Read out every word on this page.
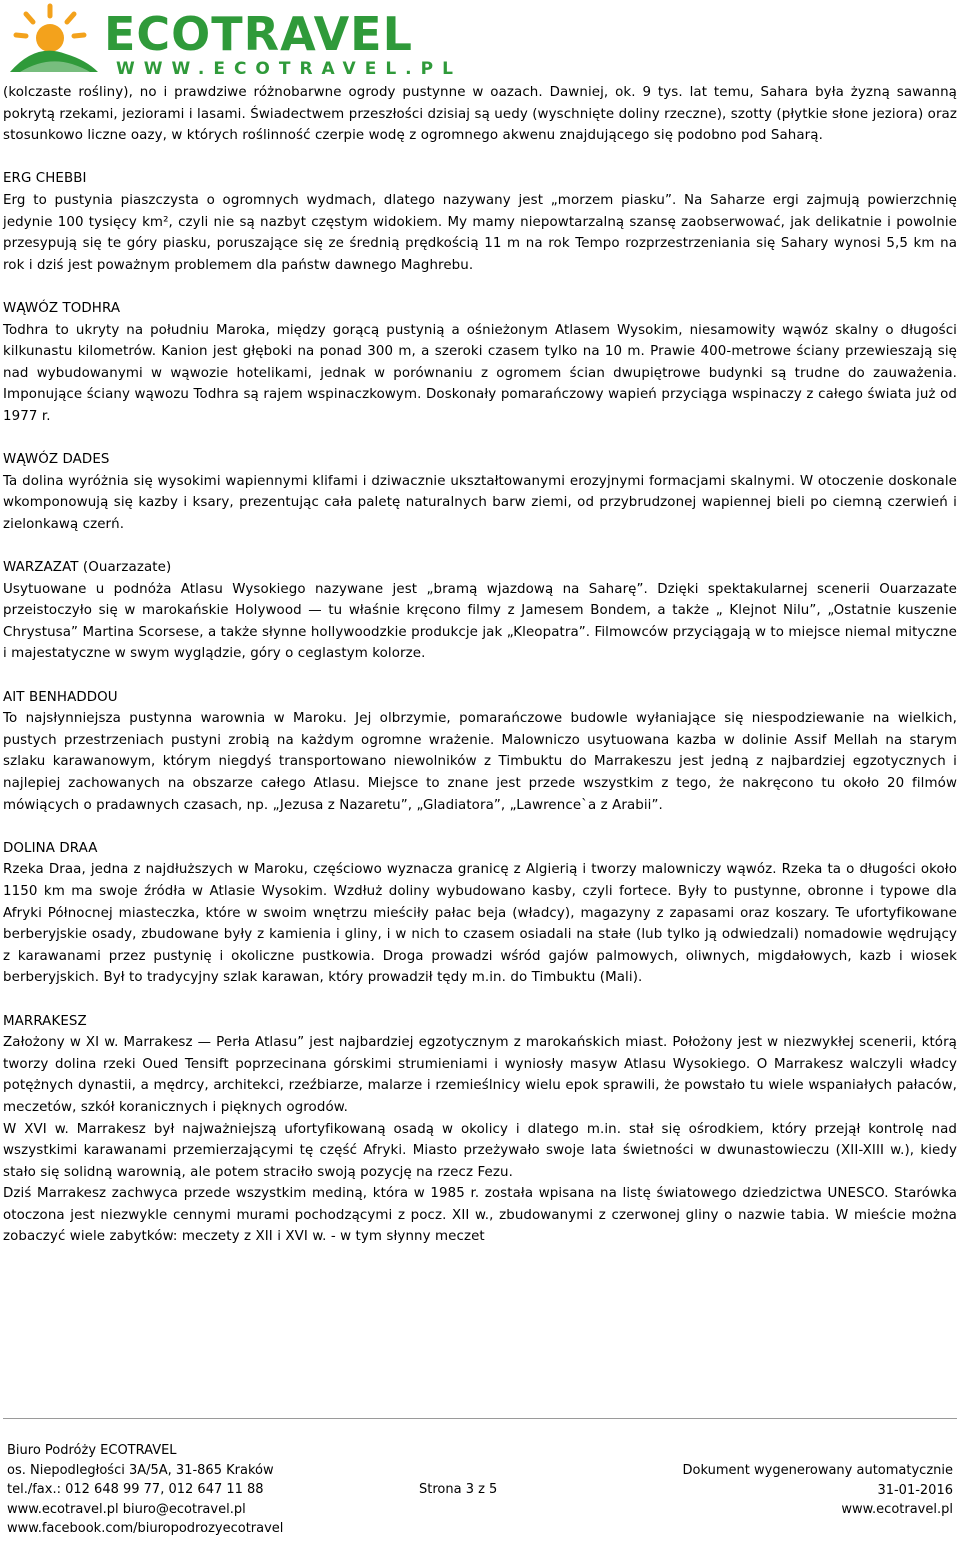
ECOTRAVEL
WWW.ECOTRAVEL.PL

(kolczaste rośliny), no i prawdziwe różnobarwne ogrody pustynne w oazach. Dawniej, ok. 9 tys. lat temu, Sahara była żyzną sawanną pokrytą rzekami, jeziorami i lasami. Świadectwem przeszłości dzisiaj są uedy (wyschnięte doliny rzeczne), szotty (płytkie słone jeziora) oraz stosunkowo liczne oazy, w których roślinność czerpie wodę z ogromnego akwenu znajdującego się podobno pod Saharą.

ERG CHEBBI

Erg to pustynia piaszczysta o ogromnych wydmach, dlatego nazywany jest „morzem piasku”. Na Saharze ergi zajmują powierzchnię jedynie 100 tysięcy km², czyli nie są nazbyt częstym widokiem. My mamy niepowtarzalną szansę zaobserwować, jak delikatnie i powolnie przesypują się te góry piasku, poruszające się ze średnią prędkością 11 m na rok Tempo rozprzestrzeniania się Sahary wynosi 5,5 km na rok i dziś jest poważnym problemem dla państw dawnego Maghrebu.

WĄWÓZ TODHRA

Todhra to ukryty na południu Maroka, między gorącą pustynią a ośnieżonym Atlasem Wysokim, niesamowity wąwóz skalny o długości kilkunastu kilometrów. Kanion jest głęboki na ponad 300 m, a szeroki czasem tylko na 10 m. Prawie 400-metrowe ściany przewieszają się nad wybudowanymi w wąwozie hotelikami, jednak w porównaniu z ogromem ścian dwupiętrowe budynki są trudne do zauważenia. Imponujące ściany wąwozu Todhra są rajem wspinaczkowym. Doskonały pomarańczowy wapień przyciąga wspinaczy z całego świata już od 1977 r.

WĄWÓZ DADES

Ta dolina wyróżnia się wysokimi wapiennymi klifami i dziwacznie ukształtowanymi erozyjnymi formacjami skalnymi. W otoczenie doskonale wkomponowują się kazby i ksary, prezentując cała paletę naturalnych barw ziemi, od przybrudzonej wapiennej bieli po ciemną czerwień i zielonkawą czerń.

WARZAZAT (Ouarzazate)

Usytuowane u podnóża Atlasu Wysokiego nazywane jest „bramą wjazdową na Saharę”. Dzięki spektakularnej scenerii Ouarzazate przeistoczyło się w marokańskie Holywood — tu właśnie kręcono filmy z Jamesem Bondem, a także „ Klejnot Nilu”, „Ostatnie kuszenie Chrystusa” Martina Scorsese, a także słynne hollywoodzkie produkcje jak „Kleopatra”. Filmowców przyciągają w to miejsce niemal mityczne i majestatyczne w swym wyglądzie, góry o ceglastym kolorze.

AIT BENHADDOU

To najsłynniejsza pustynna warownia w Maroku. Jej olbrzymie, pomarańczowe budowle wyłaniające się niespodziewanie na wielkich, pustych przestrzeniach pustyni zrobią na każdym ogromne wrażenie. Malowniczo usytuowana kazba w dolinie Assif Mellah na starym szlaku karawanowym, którym niegdyś transportowano niewolników z Timbuktu do Marrakeszu jest jedną z najbardziej egzotycznych i najlepiej zachowanych na obszarze całego Atlasu. Miejsce to znane jest przede wszystkim z tego, że nakręcono tu około 20 filmów mówiących o pradawnych czasach, np. „Jezusa z Nazaretu”, „Gladiatora”, „Lawrence`a z Arabii”.

DOLINA DRAA

Rzeka Draa, jedna z najdłuższych w Maroku, częściowo wyznacza granicę z Algierią i tworzy malowniczy wąwóz. Rzeka ta o długości około 1150 km ma swoje źródła w Atlasie Wysokim. Wzdłuż doliny wybudowano kasby, czyli fortece. Były to pustynne, obronne i typowe dla Afryki Północnej miasteczka, które w swoim wnętrzu mieściły pałac beja (władcy), magazyny z zapasami oraz koszary. Te ufortyfikowane berberyjskie osady, zbudowane były z kamienia i gliny, i w nich to czasem osiadali na stałe (lub tylko ją odwiedzali) nomadowie wędrujący z karawanami przez pustynię i okoliczne pustkowia. Droga prowadzi wśród gajów palmowych, oliwnych, migdałowych, kazb i wiosek berberyjskich. Był to tradycyjny szlak karawan, który prowadził tędy m.in. do Timbuktu (Mali).

MARRAKESZ

Założony w XI w. Marrakesz — Perła Atlasu” jest najbardziej egzotycznym z marokańskich miast. Położony jest w niezwykłej scenerii, którą tworzy dolina rzeki Oued Tensift poprzecinana górskimi strumieniami i wyniosły masyw Atlasu Wysokiego. O Marrakesz walczyli władcy potężnych dynastii, a mędrcy, architekci, rzeźbiarze, malarze i rzemieślnicy wielu epok sprawili, że powstało tu wiele wspaniałych pałaców, meczetów, szkół koranicznych i pięknych ogrodów.

W XVI w. Marrakesz był najważniejszą ufortyfikowaną osadą w okolicy i dlatego m.in. stał się ośrodkiem, który przejął kontrolę nad wszystkimi karawanami przemierzającymi tę część Afryki. Miasto przeżywało swoje lata świetności w dwunastowieczu (XII-XIII w.), kiedy stało się solidną warownią, ale potem straciło swoją pozycję na rzecz Fezu.

Dziś Marrakesz zachwyca przede wszystkim mediną, która w 1985 r. została wpisana na listę światowego dziedzictwa UNESCO. Starówka otoczona jest niezwykle cennymi murami pochodzącymi z pocz. XII w., zbudowanymi z czerwonej gliny o nazwie tabia. W mieście można zobaczyć wiele zabytków: meczety z XII i XVI w. - w tym słynny meczet

Biuro Podróży ECOTRAVEL
os. Niepodległości 3A/5A, 31-865 Kraków
tel./fax.: 012 648 99 77, 012 647 11 88
www.ecotravel.pl biuro@ecotravel.pl
www.facebook.com/biuropodrozyecotravel
Strona 3 z 5
Dokument wygenerowany automatycznie
31-01-2016
www.ecotravel.pl
